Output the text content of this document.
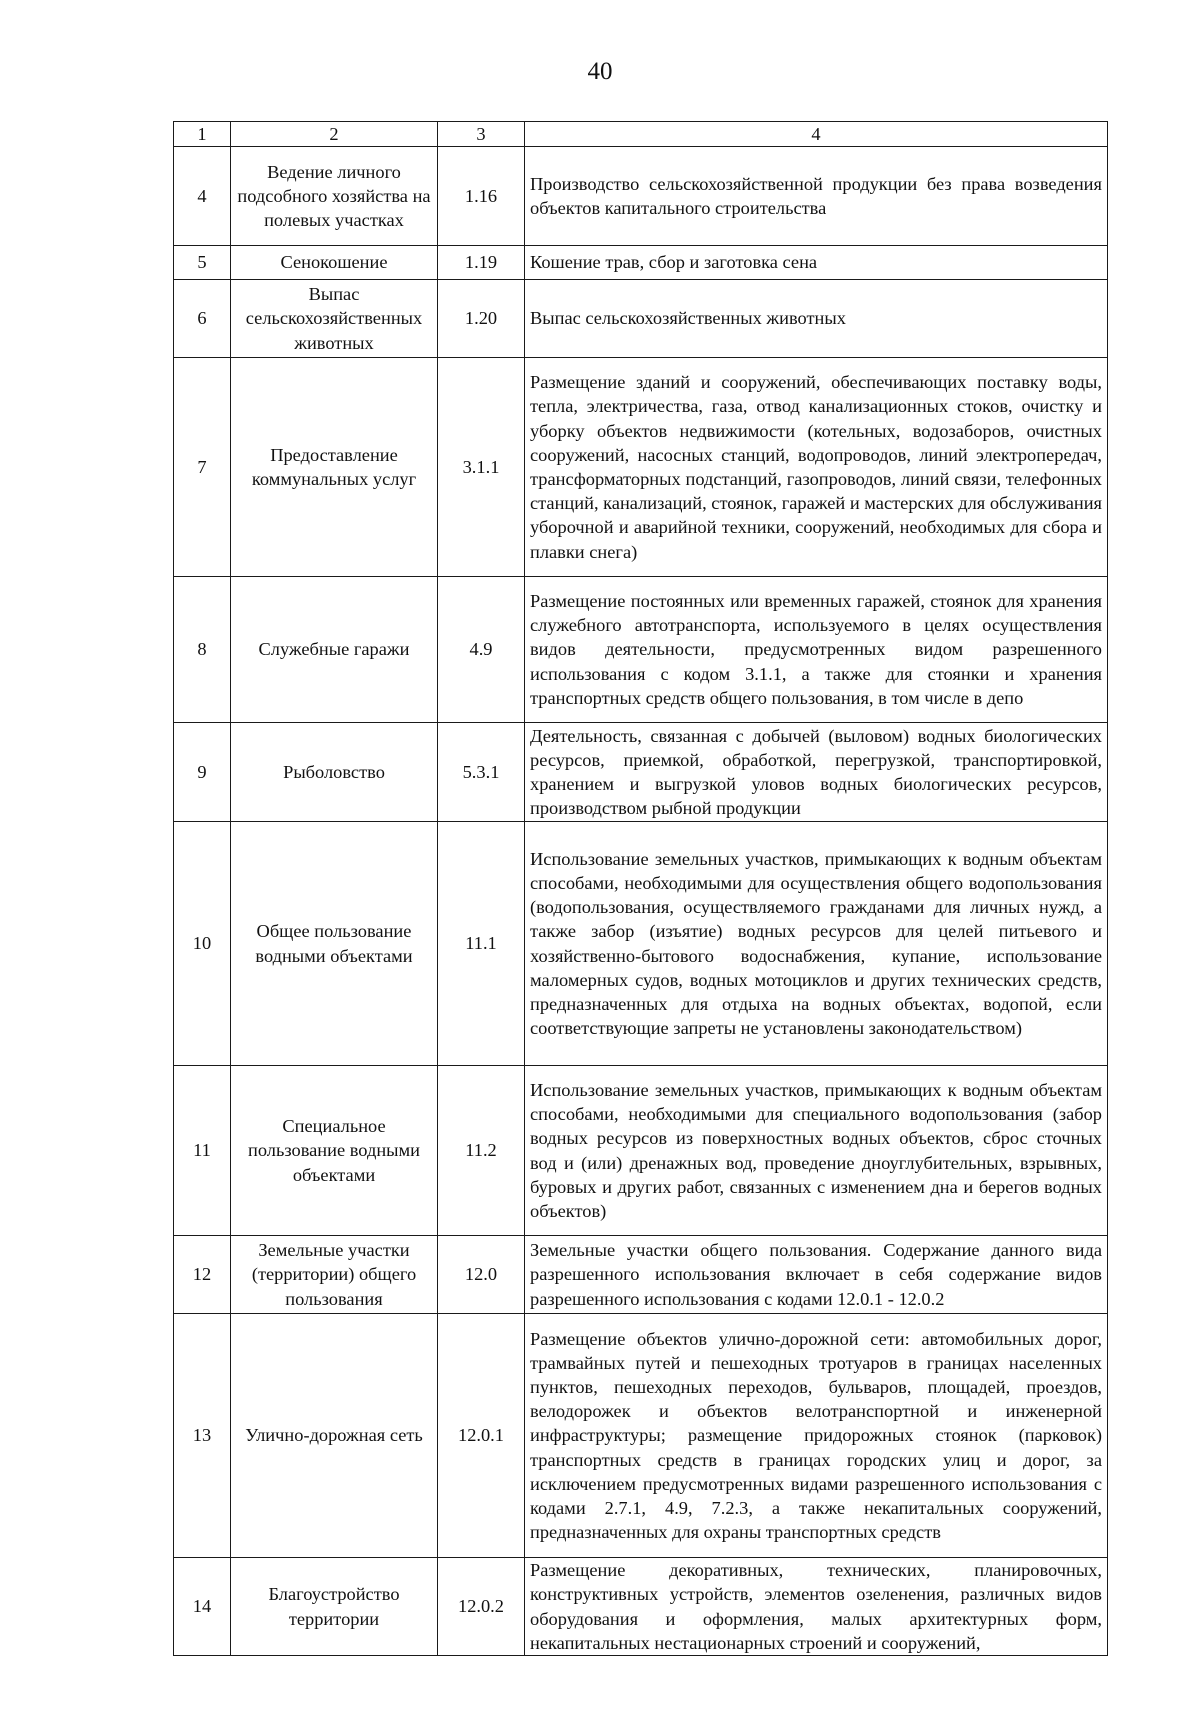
40
1	2	3	4
4	Ведение личного подсобного хозяйства на полевых участках	1.16	Производство сельскохозяйственной продукции без права возведения объектов капитального строительства
5	Сенокошение	1.19	Кошение трав, сбор и заготовка сена
6	Выпас сельскохозяйственных животных	1.20	Выпас сельскохозяйственных животных
7	Предоставление коммунальных услуг	3.1.1	Размещение зданий и сооружений, обеспечивающих поставку воды, тепла, электричества, газа, отвод канализационных стоков, очистку и уборку объектов недвижимости (котельных, водозаборов, очистных сооружений, насосных станций, водопроводов, линий электропередач, трансформаторных подстанций, газопроводов, линий связи, телефонных станций, канализаций, стоянок, гаражей и мастерских для обслуживания уборочной и аварийной техники, сооружений, необходимых для сбора и плавки снега)
8	Служебные гаражи	4.9	Размещение постоянных или временных гаражей, стоянок для хранения служебного автотранспорта, используемого в целях осуществления видов деятельности, предусмотренных видом разрешенного использования с кодом 3.1.1, а также для стоянки и хранения транспортных средств общего пользования, в том числе в депо
9	Рыболовство	5.3.1	Деятельность, связанная с добычей (выловом) водных биологических ресурсов, приемкой, обработкой, перегрузкой, транспортировкой, хранением и выгрузкой уловов водных биологических ресурсов, производством рыбной продукции
10	Общее пользование водными объектами	11.1	Использование земельных участков, примыкающих к водным объектам способами, необходимыми для осуществления общего водопользования (водопользования, осуществляемого гражданами для личных нужд, а также забор (изъятие) водных ресурсов для целей питьевого и хозяйственно-бытового водоснабжения, купание, использование маломерных судов, водных мотоциклов и других технических средств, предназначенных для отдыха на водных объектах, водопой, если соответствующие запреты не установлены законодательством)
11	Специальное пользование водными объектами	11.2	Использование земельных участков, примыкающих к водным объектам способами, необходимыми для специального водопользования (забор водных ресурсов из поверхностных водных объектов, сброс сточных вод и (или) дренажных вод, проведение дноуглубительных, взрывных, буровых и других работ, связанных с изменением дна и берегов водных объектов)
12	Земельные участки (территории) общего пользования	12.0	Земельные участки общего пользования. Содержание данного вида разрешенного использования включает в себя содержание видов разрешенного использования с кодами 12.0.1 - 12.0.2
13	Улично-дорожная сеть	12.0.1	Размещение объектов улично-дорожной сети: автомобильных дорог, трамвайных путей и пешеходных тротуаров в границах населенных пунктов, пешеходных переходов, бульваров, площадей, проездов, велодорожек и объектов велотранспортной и инженерной инфраструктуры; размещение придорожных стоянок (парковок) транспортных средств в границах городских улиц и дорог, за исключением предусмотренных видами разрешенного использования с кодами 2.7.1, 4.9, 7.2.3, а также некапитальных сооружений, предназначенных для охраны транспортных средств
14	Благоустройство территории	12.0.2	Размещение декоративных, технических, планировочных, конструктивных устройств, элементов озеленения, различных видов оборудования и оформления, малых архитектурных форм, некапитальных нестационарных строений и сооружений,
